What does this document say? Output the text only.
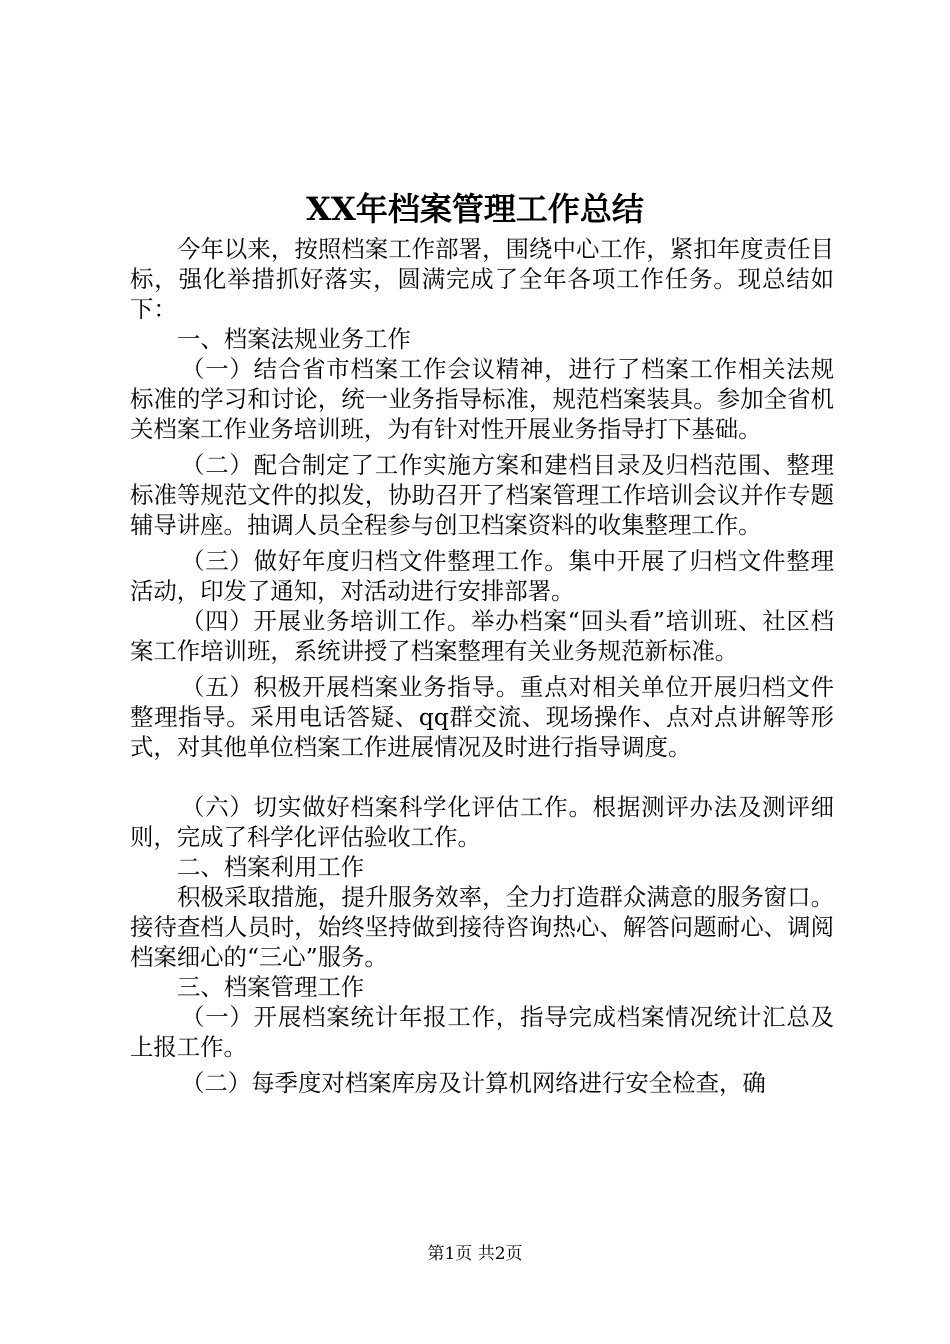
XX年档案管理工作总结

今年以来，按照档案工作部署，围绕中心工作，紧扣年度责任目标，强化举措抓好落实，圆满完成了全年各项工作任务。现总结如下：

一、档案法规业务工作

（一）结合省市档案工作会议精神，进行了档案工作相关法规标准的学习和讨论，统一业务指导标准，规范档案装具。参加全省机关档案工作业务培训班，为有针对性开展业务指导打下基础。

（二）配合制定了工作实施方案和建档目录及归档范围、整理标准等规范文件的拟发，协助召开了档案管理工作培训会议并作专题辅导讲座。抽调人员全程参与创卫档案资料的收集整理工作。

（三）做好年度归档文件整理工作。集中开展了归档文件整理活动，印发了通知，对活动进行安排部署。

（四）开展业务培训工作。举办档案“回头看”培训班、社区档案工作培训班，系统讲授了档案整理有关业务规范新标准。

（五）积极开展档案业务指导。重点对相关单位开展归档文件整理指导。采用电话答疑、qq群交流、现场操作、点对点讲解等形式，对其他单位档案工作进展情况及时进行指导调度。

（六）切实做好档案科学化评估工作。根据测评办法及测评细则，完成了科学化评估验收工作。

二、档案利用工作

积极采取措施，提升服务效率，全力打造群众满意的服务窗口。接待查档人员时，始终坚持做到接待咨询热心、解答问题耐心、调阅档案细心的“三心”服务。

三、档案管理工作

（一）开展档案统计年报工作，指导完成档案情况统计汇总及上报工作。

（二）每季度对档案库房及计算机网络进行安全检查，确

第1页 共2页
